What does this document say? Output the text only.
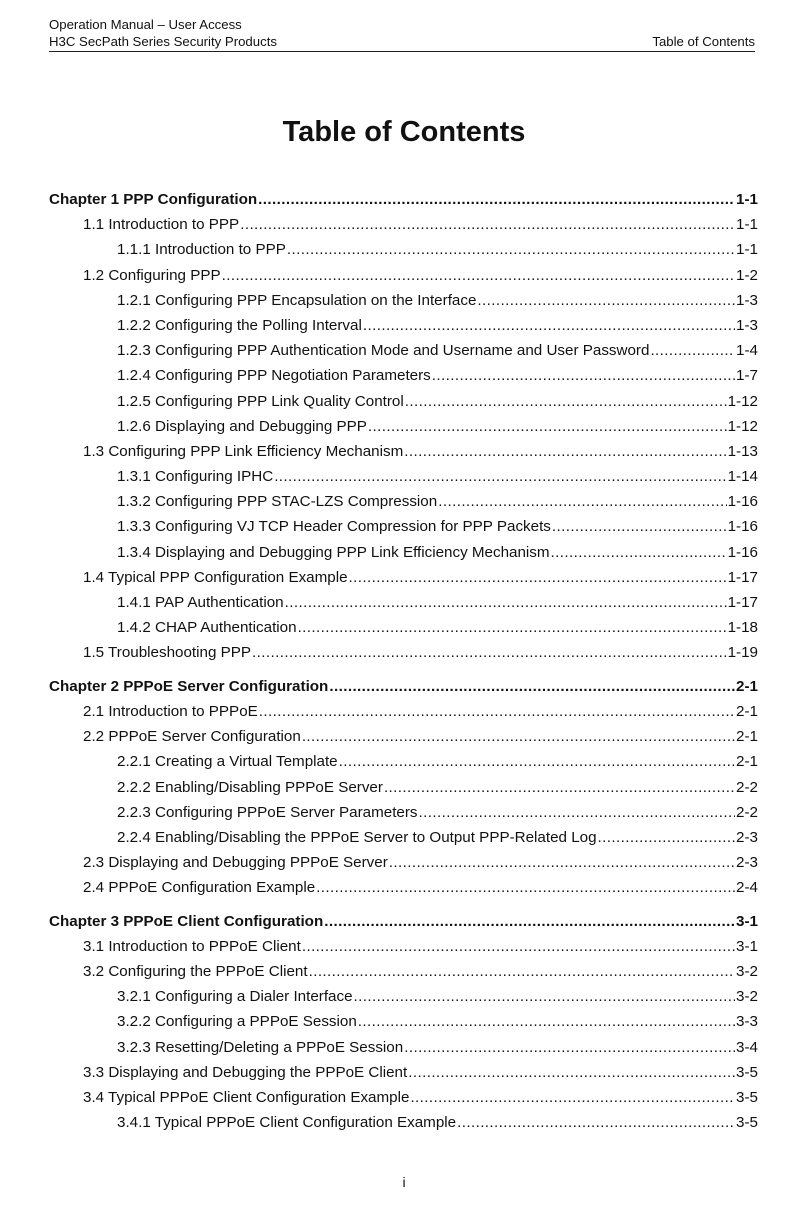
Operation Manual – User Access
H3C SecPath Series Security Products	Table of Contents
Table of Contents
Chapter 1 PPP Configuration .....	1-1
1.1 Introduction to PPP .....	1-1
1.1.1 Introduction to PPP .....	1-1
1.2 Configuring PPP .....	1-2
1.2.1 Configuring PPP Encapsulation on the Interface .....	1-3
1.2.2 Configuring the Polling Interval .....	1-3
1.2.3 Configuring PPP Authentication Mode and Username and User Password .....	1-4
1.2.4 Configuring PPP Negotiation Parameters .....	1-7
1.2.5 Configuring PPP Link Quality Control .....	1-12
1.2.6 Displaying and Debugging PPP .....	1-12
1.3 Configuring PPP Link Efficiency Mechanism .....	1-13
1.3.1 Configuring IPHC .....	1-14
1.3.2 Configuring PPP STAC-LZS Compression .....	1-16
1.3.3 Configuring VJ TCP Header Compression for PPP Packets .....	1-16
1.3.4 Displaying and Debugging PPP Link Efficiency Mechanism .....	1-16
1.4 Typical PPP Configuration Example .....	1-17
1.4.1 PAP Authentication .....	1-17
1.4.2 CHAP Authentication .....	1-18
1.5 Troubleshooting PPP .....	1-19
Chapter 2 PPPoE Server Configuration .....	2-1
2.1 Introduction to PPPoE .....	2-1
2.2 PPPoE Server Configuration .....	2-1
2.2.1 Creating a Virtual Template .....	2-1
2.2.2 Enabling/Disabling PPPoE Server .....	2-2
2.2.3 Configuring PPPoE Server Parameters .....	2-2
2.2.4 Enabling/Disabling the PPPoE Server to Output PPP-Related Log .....	2-3
2.3 Displaying and Debugging PPPoE Server .....	2-3
2.4 PPPoE Configuration Example .....	2-4
Chapter 3 PPPoE Client Configuration .....	3-1
3.1 Introduction to PPPoE Client .....	3-1
3.2 Configuring the PPPoE Client .....	3-2
3.2.1 Configuring a Dialer Interface .....	3-2
3.2.2 Configuring a PPPoE Session .....	3-3
3.2.3 Resetting/Deleting a PPPoE Session .....	3-4
3.3 Displaying and Debugging the PPPoE Client .....	3-5
3.4 Typical PPPoE Client Configuration Example .....	3-5
3.4.1 Typical PPPoE Client Configuration Example .....	3-5
i
